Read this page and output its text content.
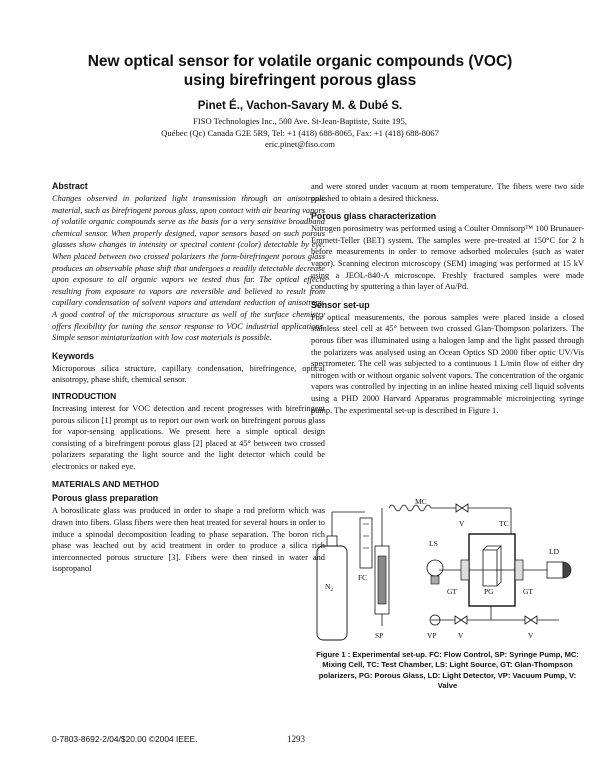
New optical sensor for volatile organic compounds (VOC)
using birefringent porous glass
Pinet É., Vachon-Savary M. & Dubé S.
FISO Technologies Inc., 500 Ave. St-Jean-Baptiste, Suite 195,
Québec (Qc) Canada G2E 5R9, Tel: +1 (418) 688-8065, Fax: +1 (418) 688-8067
eric.pinet@fiso.com
Abstract

Changes observed in polarized light transmission through an anisotropic material, such as birefringent porous glass, upon contact with air bearing vapors of volatile organic compounds serve as the basis for a very sensitive broadband chemical sensor. When properly designed, vapor sensors based on such porous glasses show changes in intensity or spectral content (color) detectable by eye. When placed between two crossed polarizers the form-birefringent porous glass produces an observable phase shift that undergoes a readily detectable decrease upon exposure to all organic vapors we tested thus far. The optical effects resulting from exposure to vapors are reversible and believed to result from capillary condensation of solvent vapors and attendant reduction of anisotropy. A good control of the microporous structure as well of the surface chemistry offers flexibility for tuning the sensor response to VOC industrial applications. Simple sensor miniaturization with low cost materials is possible.

Keywords

Microporous silica structure, capillary condensation, birefringence, optical anisotropy, phase shift, chemical sensor.

INTRODUCTION

Increasing interest for VOC detection and recent progresses with birefringent porous silicon [1] prompt us to report our own work on birefringent porous glass for vapor-sensing applications. We present here a simple optical design consisting of a birefringent porous glass [2] placed at 45° between two crossed polarizers separating the light source and the light detector which could be electronics or naked eye.

MATERIALS AND METHOD
Porous glass preparation

A borosilicate glass was produced in order to shape a rod preform which was drawn into fibers. Glass fibers were then heat treated for several hours in order to induce a spinodal decomposition leading to phase separation. The boron rich phase was leached out by acid treatment in order to produce a silica rich interconnected porous structure [3]. Fibers were then rinsed in water and isopropanol

and were stored under vacuum at room temperature. The fibers were two side polished to obtain a desired thickness.

Porous glass characterization

Nitrogen porosimetry was performed using a Coulter Omnisorp™ 100 Brunauer-Emmett-Teller (BET) system. The samples were pre-treated at 150°C for 2 h before measurements in order to remove adsorbed molecules (such as water vapor). Scanning electron microscopy (SEM) imaging was performed at 15 kV using a JEOL-840-A microscope. Freshly fractured samples were made conducting by sputtering a thin layer of Au/Pd.

Sensor set-up

For optical measurements, the porous samples were placed inside a closed stainless steel cell at 45° between two crossed Glan-Thompson polarizers. The porous fiber was illuminated using a halogen lamp and the light passed through the polarizers was analysed using an Ocean Optics SD 2000 fiber optic UV/Vis spectrometer. The cell was subjected to a continuous 1 L/min flow of either dry nitrogen with or without organic solvent vapors. The concentration of the organic vapors was controlled by injecting in an inline heated mixing cell liquid solvents using a PHD 2000 Harvard Apparatus programmable microinjecting syringe pump. The experimental set-up is described in Figure 1.

$N_2$
FC
SP
MC
V	TC
LS
GT	GT
PG
LD
VP	V	V
Figure 1 : Experimental set-up. FC: Flow Control, SP: Syringe Pump, MC: Mixing Cell, TC: Test Chamber, LS: Light Source, GT: Glan-Thompson polarizers, PG: Porous Glass, LD: Light Detector, VP: Vacuum Pump, V: Valve
0-7803-8692-2/04/$20.00 ©2004 IEEE.	1293
